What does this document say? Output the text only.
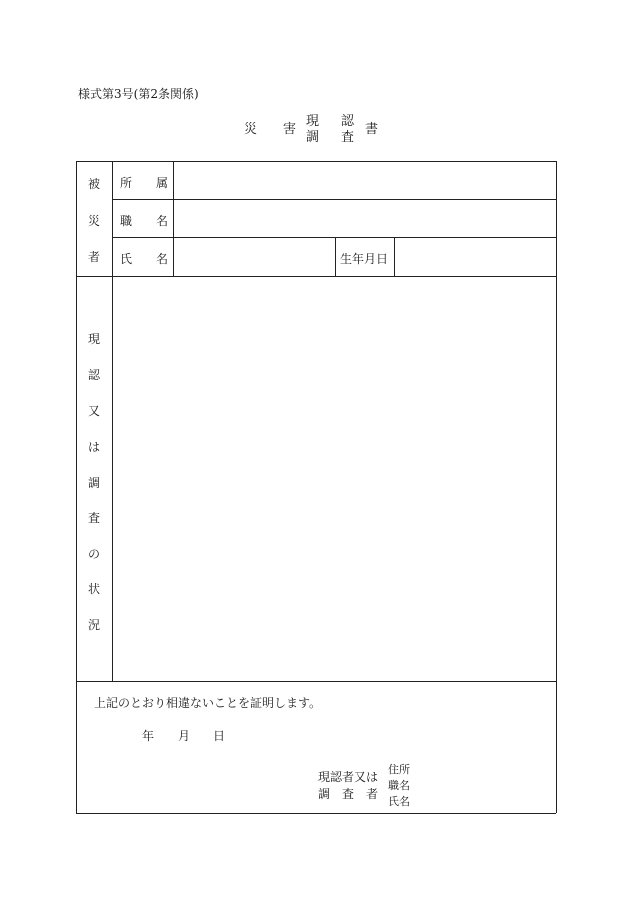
様式第3号(第2条関係)
災 害
現
調
認
査
書
被
災
者
所 属
職 名
氏 名	生年月日
現
認
又
は
調
査
の
状
況
上記のとおり相違ないことを証明します。
年 月 日
現認者又は
調 査 者
住所
職名
氏名
